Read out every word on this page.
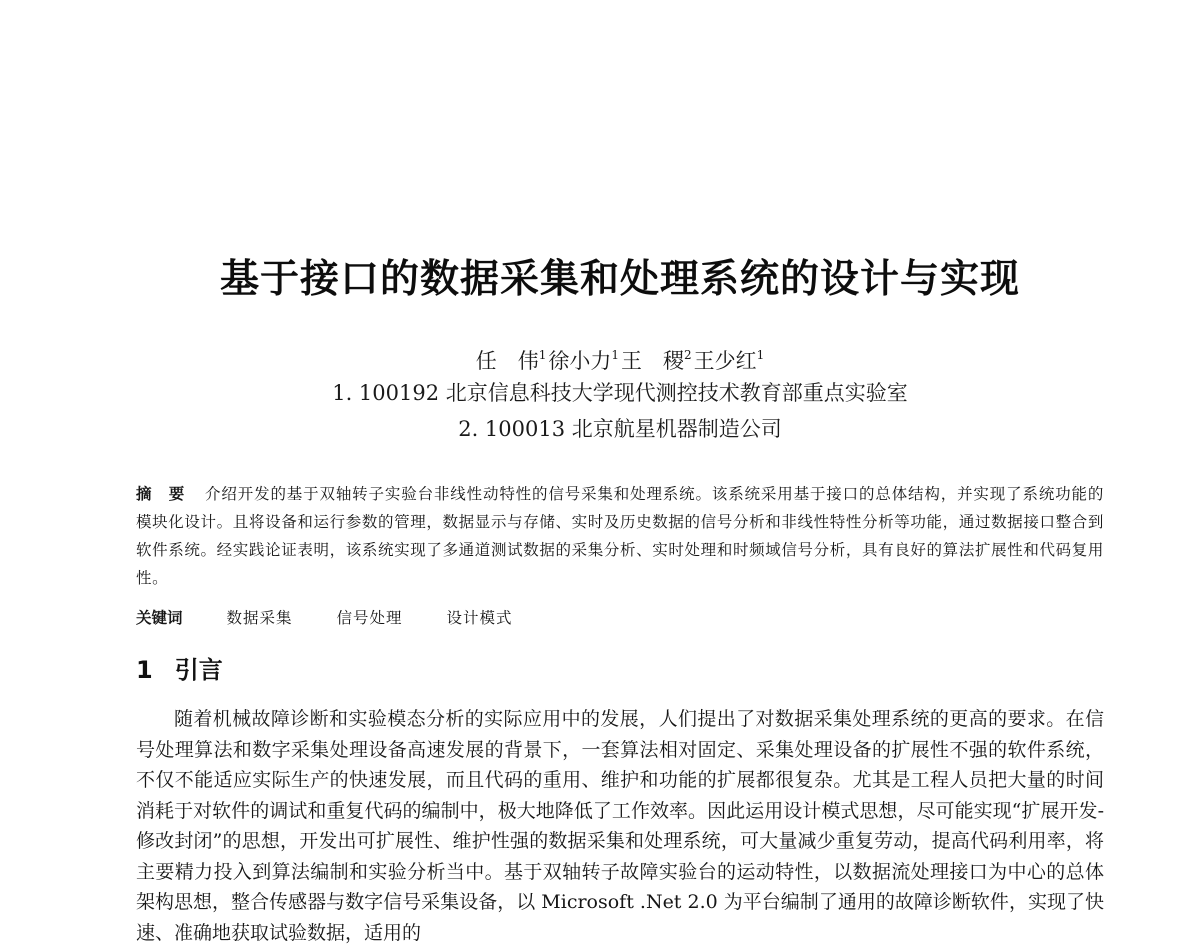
基于接口的数据采集和处理系统的设计与实现
任　伟$^1$徐小力$^1$王　稷$^2$王少红$^1$
1. 100192 北京信息科技大学现代测控技术教育部重点实验室
2. 100013 北京航星机器制造公司
摘　要 介绍开发的基于双轴转子实验台非线性动特性的信号采集和处理系统。该系统采用基于接口的总体结构，并实现了系统功能的模块化设计。且将设备和运行参数的管理，数据显示与存储、实时及历史数据的信号分析和非线性特性分析等功能，通过数据接口整合到软件系统。经实践论证表明，该系统实现了多通道测试数据的采集分析、实时处理和时频域信号分析，具有良好的算法扩展性和代码复用性。
关键词	数据采集	信号处理	设计模式
1 引言
随着机械故障诊断和实验模态分析的实际应用中的发展，人们提出了对数据采集处理系统的更高的要求。在信号处理算法和数字采集处理设备高速发展的背景下，一套算法相对固定、采集处理设备的扩展性不强的软件系统，不仅不能适应实际生产的快速发展，而且代码的重用、维护和功能的扩展都很复杂。尤其是工程人员把大量的时间消耗于对软件的调试和重复代码的编制中，极大地降低了工作效率。因此运用设计模式思想，尽可能实现“扩展开发-修改封闭”的思想，开发出可扩展性、维护性强的数据采集和处理系统，可大量减少重复劳动，提高代码利用率，将主要精力投入到算法编制和实验分析当中。基于双轴转子故障实验台的运动特性，以数据流处理接口为中心的总体架构思想，整合传感器与数字信号采集设备，以 Microsoft .Net 2.0 为平台编制了通用的故障诊断软件，实现了快速、准确地获取试验数据，适用的
